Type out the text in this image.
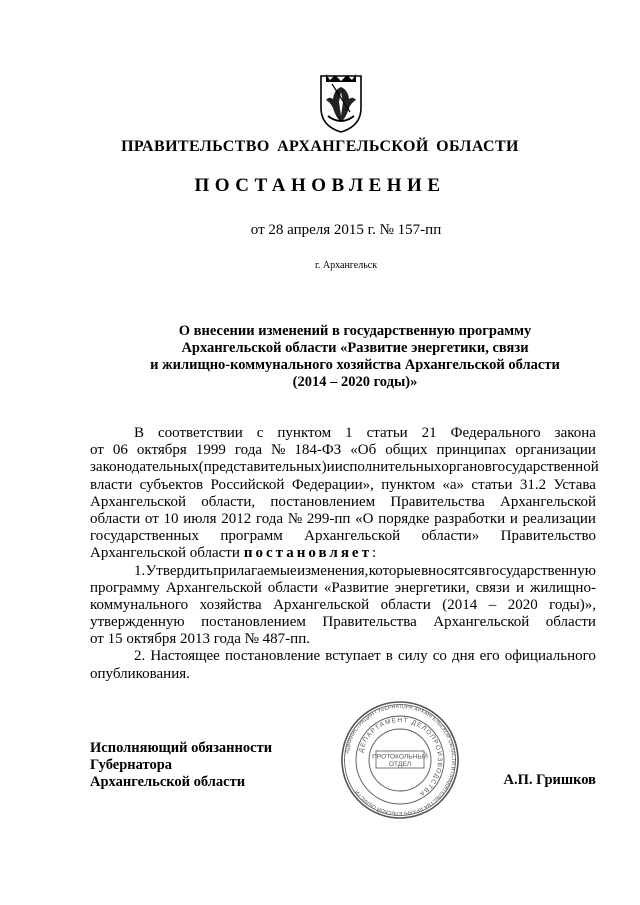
ПРАВИТЕЛЬСТВО АРХАНГЕЛЬСКОЙ ОБЛАСТИ
ПОСТАНОВЛЕНИЕ
от 28 апреля 2015 г. № 157-пп
г. Архангельск
О внесении изменений в государственную программу
Архангельской области «Развитие энергетики, связи
и жилищно-коммунального хозяйства Архангельской области
(2014 – 2020 годы)»
В соответствии с пунктом 1 статьи 21 Федерального закона
от 06 октября 1999 года № 184-ФЗ «Об общих принципах организации
законодательных (представительных) и исполнительных органов государственной
власти субъектов Российской Федерации», пунктом «а» статьи 31.2 Устава
Архангельской области, постановлением Правительства Архангельской
области от 10 июля 2012 года № 299-пп «О порядке разработки и реализации
государственных программ Архангельской области» Правительство
Архангельской области постановляет :
1. Утвердить прилагаемые изменения, которые вносятся в государственную
программу Архангельской области «Развитие энергетики, связи и жилищно-
коммунального хозяйства Архангельской области (2014 – 2020 годы)»,
утвержденную постановлением Правительства Архангельской области
от 15 октября 2013 года № 487-пп.
2. Настоящее постановление вступает в силу со дня его официального
опубликования.
Исполняющий обязанности
Губернатора
Архангельской области
АДМИНИСТРАЦИЯ ГУБЕРНАТОРА АРХАНГЕЛЬСКОЙ ОБЛАСТИ И ПРАВИТЕЛЬСТВА АРХАНГЕЛЬСКОЙ ОБЛАСТИ
ДЕПАРТАМЕНТ ДЕЛОПРОИЗВОДСТВА
ПРОТОКОЛЬНЫЙ
ОТДЕЛ
А.П. Гришков
